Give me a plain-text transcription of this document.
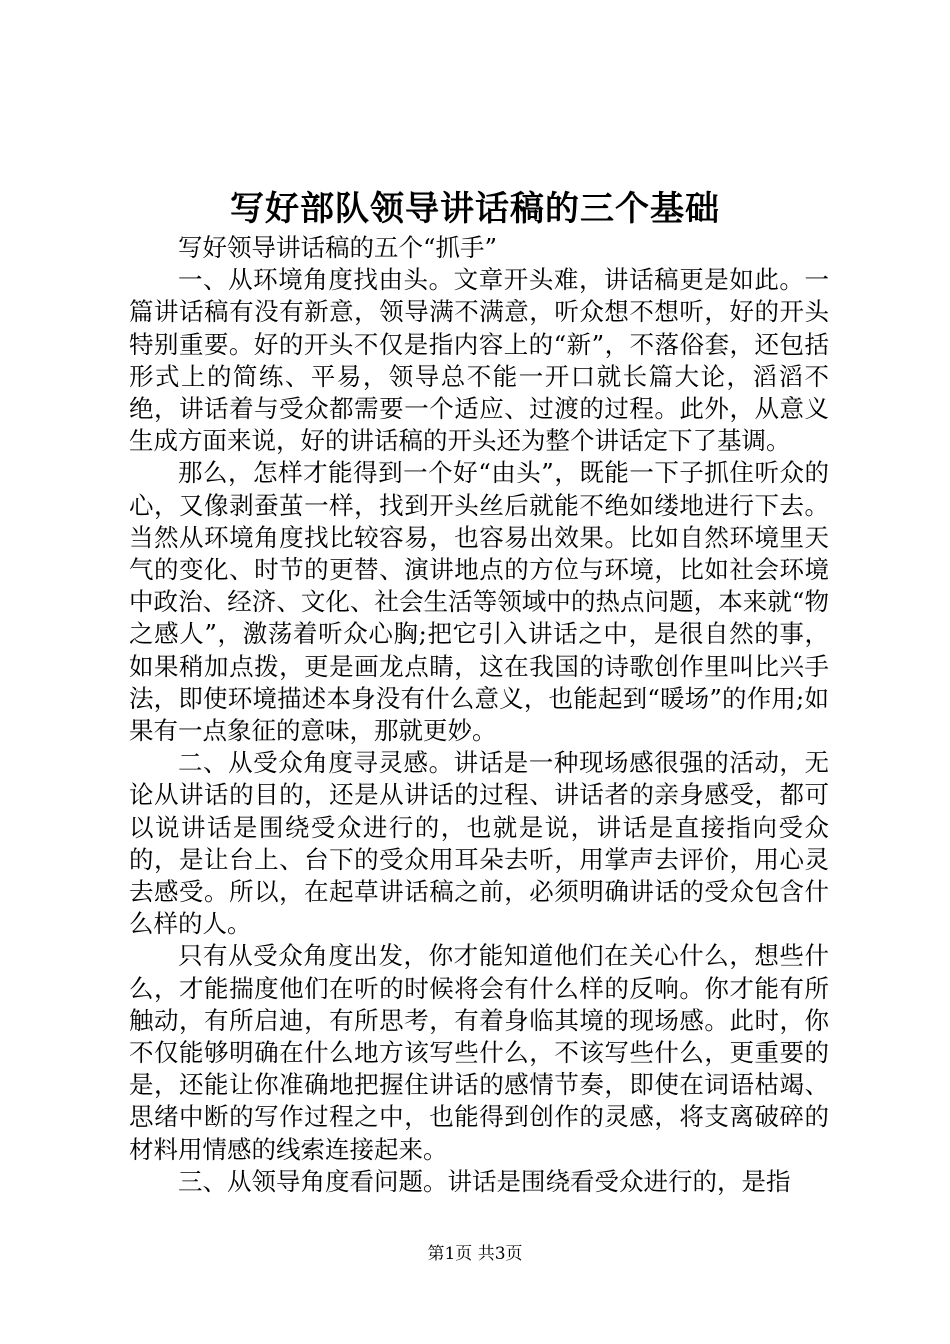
写好部队领导讲话稿的三个基础

写好领导讲话稿的五个“抓手”

一、从环境角度找由头。文章开头难，讲话稿更是如此。一篇讲话稿有没有新意，领导满不满意，听众想不想听，好的开头特别重要。好的开头不仅是指内容上的“新”，不落俗套，还包括形式上的简练、平易，领导总不能一开口就长篇大论，滔滔不绝，讲话着与受众都需要一个适应、过渡的过程。此外，从意义生成方面来说，好的讲话稿的开头还为整个讲话定下了基调。

那么，怎样才能得到一个好“由头”，既能一下子抓住听众的心，又像剥蚕茧一样，找到开头丝后就能不绝如缕地进行下去。当然从环境角度找比较容易，也容易出效果。比如自然环境里天气的变化、时节的更替、演讲地点的方位与环境，比如社会环境中政治、经济、文化、社会生活等领域中的热点问题，本来就“物之感人”，激荡着听众心胸;把它引入讲话之中，是很自然的事，如果稍加点拨，更是画龙点睛，这在我国的诗歌创作里叫比兴手法，即使环境描述本身没有什么意义，也能起到“暖场”的作用;如果有一点象征的意味，那就更妙。

二、从受众角度寻灵感。讲话是一种现场感很强的活动，无论从讲话的目的，还是从讲话的过程、讲话者的亲身感受，都可以说讲话是围绕受众进行的，也就是说，讲话是直接指向受众的，是让台上、台下的受众用耳朵去听，用掌声去评价，用心灵去感受。所以，在起草讲话稿之前，必须明确讲话的受众包含什么样的人。

只有从受众角度出发，你才能知道他们在关心什么，想些什么，才能揣度他们在听的时候将会有什么样的反响。你才能有所触动，有所启迪，有所思考，有着身临其境的现场感。此时，你不仅能够明确在什么地方该写些什么，不该写些什么，更重要的是，还能让你准确地把握住讲话的感情节奏，即使在词语枯竭、思绪中断的写作过程之中，也能得到创作的灵感，将支离破碎的材料用情感的线索连接起来。

三、从领导角度看问题。讲话是围绕看受众进行的，是指

第1页 共3页
